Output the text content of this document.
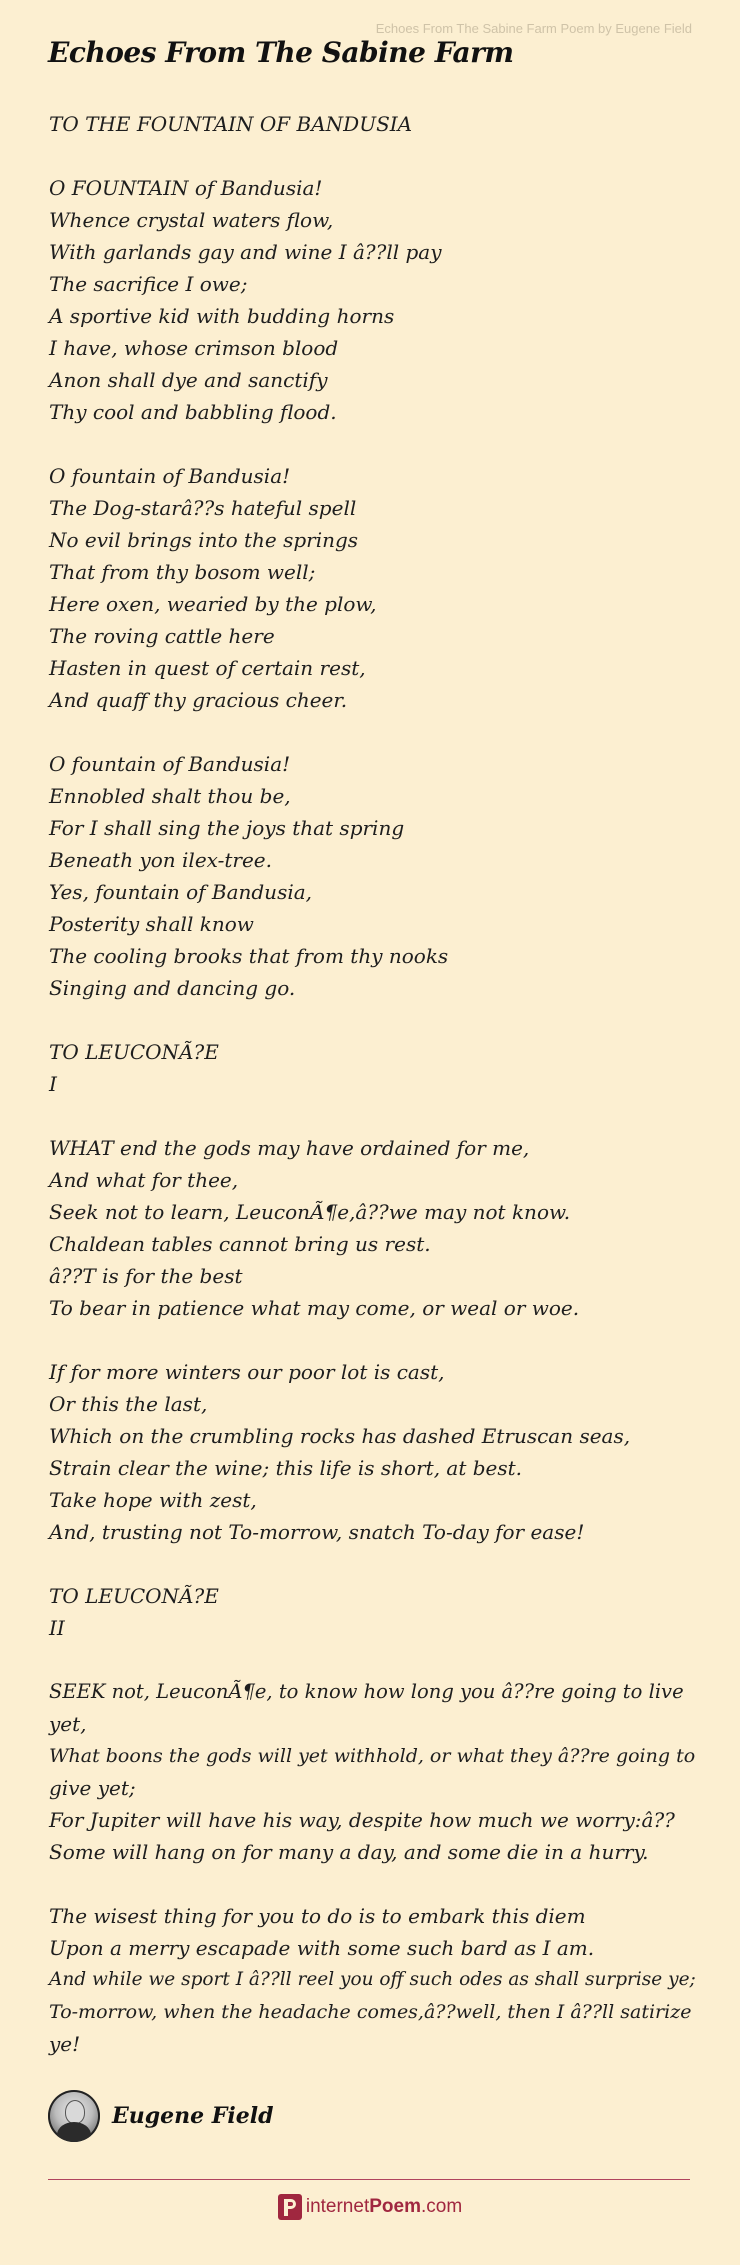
Echoes From The Sabine Farm Poem by Eugene Field
Echoes From The Sabine Farm
TO THE FOUNTAIN OF BANDUSIA
O FOUNTAIN of Bandusia!
Whence crystal waters flow,
With garlands gay and wine I â??ll pay
The sacrifice I owe;
A sportive kid with budding horns
I have, whose crimson blood
Anon shall dye and sanctify
Thy cool and babbling flood.
O fountain of Bandusia!
The Dog-starâ??s hateful spell
No evil brings into the springs
That from thy bosom well;
Here oxen, wearied by the plow,
The roving cattle here
Hasten in quest of certain rest,
And quaff thy gracious cheer.
O fountain of Bandusia!
Ennobled shalt thou be,
For I shall sing the joys that spring
Beneath yon ilex-tree.
Yes, fountain of Bandusia,
Posterity shall know
The cooling brooks that from thy nooks
Singing and dancing go.
TO LEUCONÃ?E
I
WHAT end the gods may have ordained for me,
And what for thee,
Seek not to learn, LeuconÃ¶e,â??we may not know.
Chaldean tables cannot bring us rest.
â??T is for the best
To bear in patience what may come, or weal or woe.
If for more winters our poor lot is cast,
Or this the last,
Which on the crumbling rocks has dashed Etruscan seas,
Strain clear the wine; this life is short, at best.
Take hope with zest,
And, trusting not To-morrow, snatch To-day for ease!
TO LEUCONÃ?E
II
SEEK not, LeuconÃ¶e, to know how long you â??re going to live
yet,
What boons the gods will yet withhold, or what they â??re going to
give yet;
For Jupiter will have his way, despite how much we worry:â??
Some will hang on for many a day, and some die in a hurry.
The wisest thing for you to do is to embark this diem
Upon a merry escapade with some such bard as I am.
And while we sport I â??ll reel you off such odes as shall surprise ye;
To-morrow, when the headache comes,â??well, then I â??ll satirize
ye!
Eugene Field
internetPoem.com
